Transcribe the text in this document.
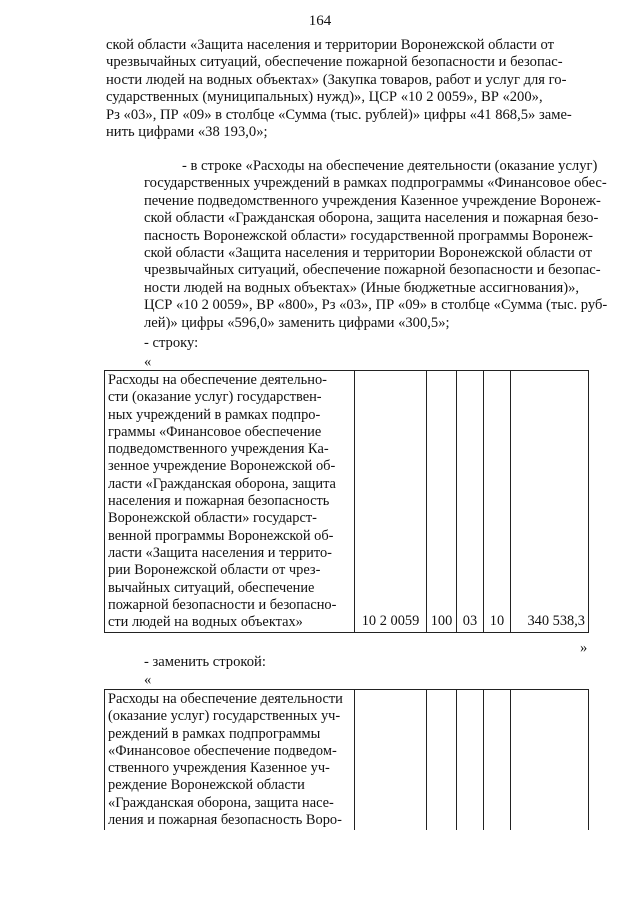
164

ской области «Защита населения и территории Воронежской области от
чрезвычайных ситуаций, обеспечение пожарной безопасности и безопас-
ности людей на водных объектах» (Закупка товаров, работ и услуг для го-
сударственных (муниципальных) нужд)», ЦСР «10 2 0059», ВР «200»,
Рз «03», ПР «09» в столбце «Сумма (тыс. рублей)» цифры «41 868,5» заме-
нить цифрами «38 193,0»;

- в строке «Расходы на обеспечение деятельности (оказание услуг)
государственных учреждений в рамках подпрограммы «Финансовое обес-
печение подведомственного учреждения Казенное учреждение Воронеж-
ской области «Гражданская оборона, защита населения и пожарная безо-
пасность Воронежской области» государственной программы Воронеж-
ской области «Защита населения и территории Воронежской области от
чрезвычайных ситуаций, обеспечение пожарной безопасности и безопас-
ности людей на водных объектах» (Иные бюджетные ассигнования)»,
ЦСР «10 2 0059», ВР «800», Рз «03», ПР «09» в столбце «Сумма (тыс. руб-
лей)» цифры «596,0» заменить цифрами «300,5»;

- строку:
«
Расходы на обеспечение деятельно-
сти (оказание услуг) государствен-
ных учреждений в рамках подпро-
граммы «Финансовое обеспечение
подведомственного учреждения Ка-
зенное учреждение Воронежской об-
ласти «Гражданская оборона, защита
населения и пожарная безопасность
Воронежской области» государст-
венной программы Воронежской об-
ласти «Защита населения и террито-
рии Воронежской области от чрез-
вычайных ситуаций, обеспечение
пожарной безопасности и безопасно-
сти людей на водных объектах»	10 2 0059	100	03	10	340 538,3
»
- заменить строкой:
«
Расходы на обеспечение деятельности
(оказание услуг) государственных уч-
реждений в рамках подпрограммы
«Финансовое обеспечение подведом-
ственного учреждения Казенное уч-
реждение Воронежской области
«Гражданская оборона, защита насе-
ления и пожарная безопасность Воро-
